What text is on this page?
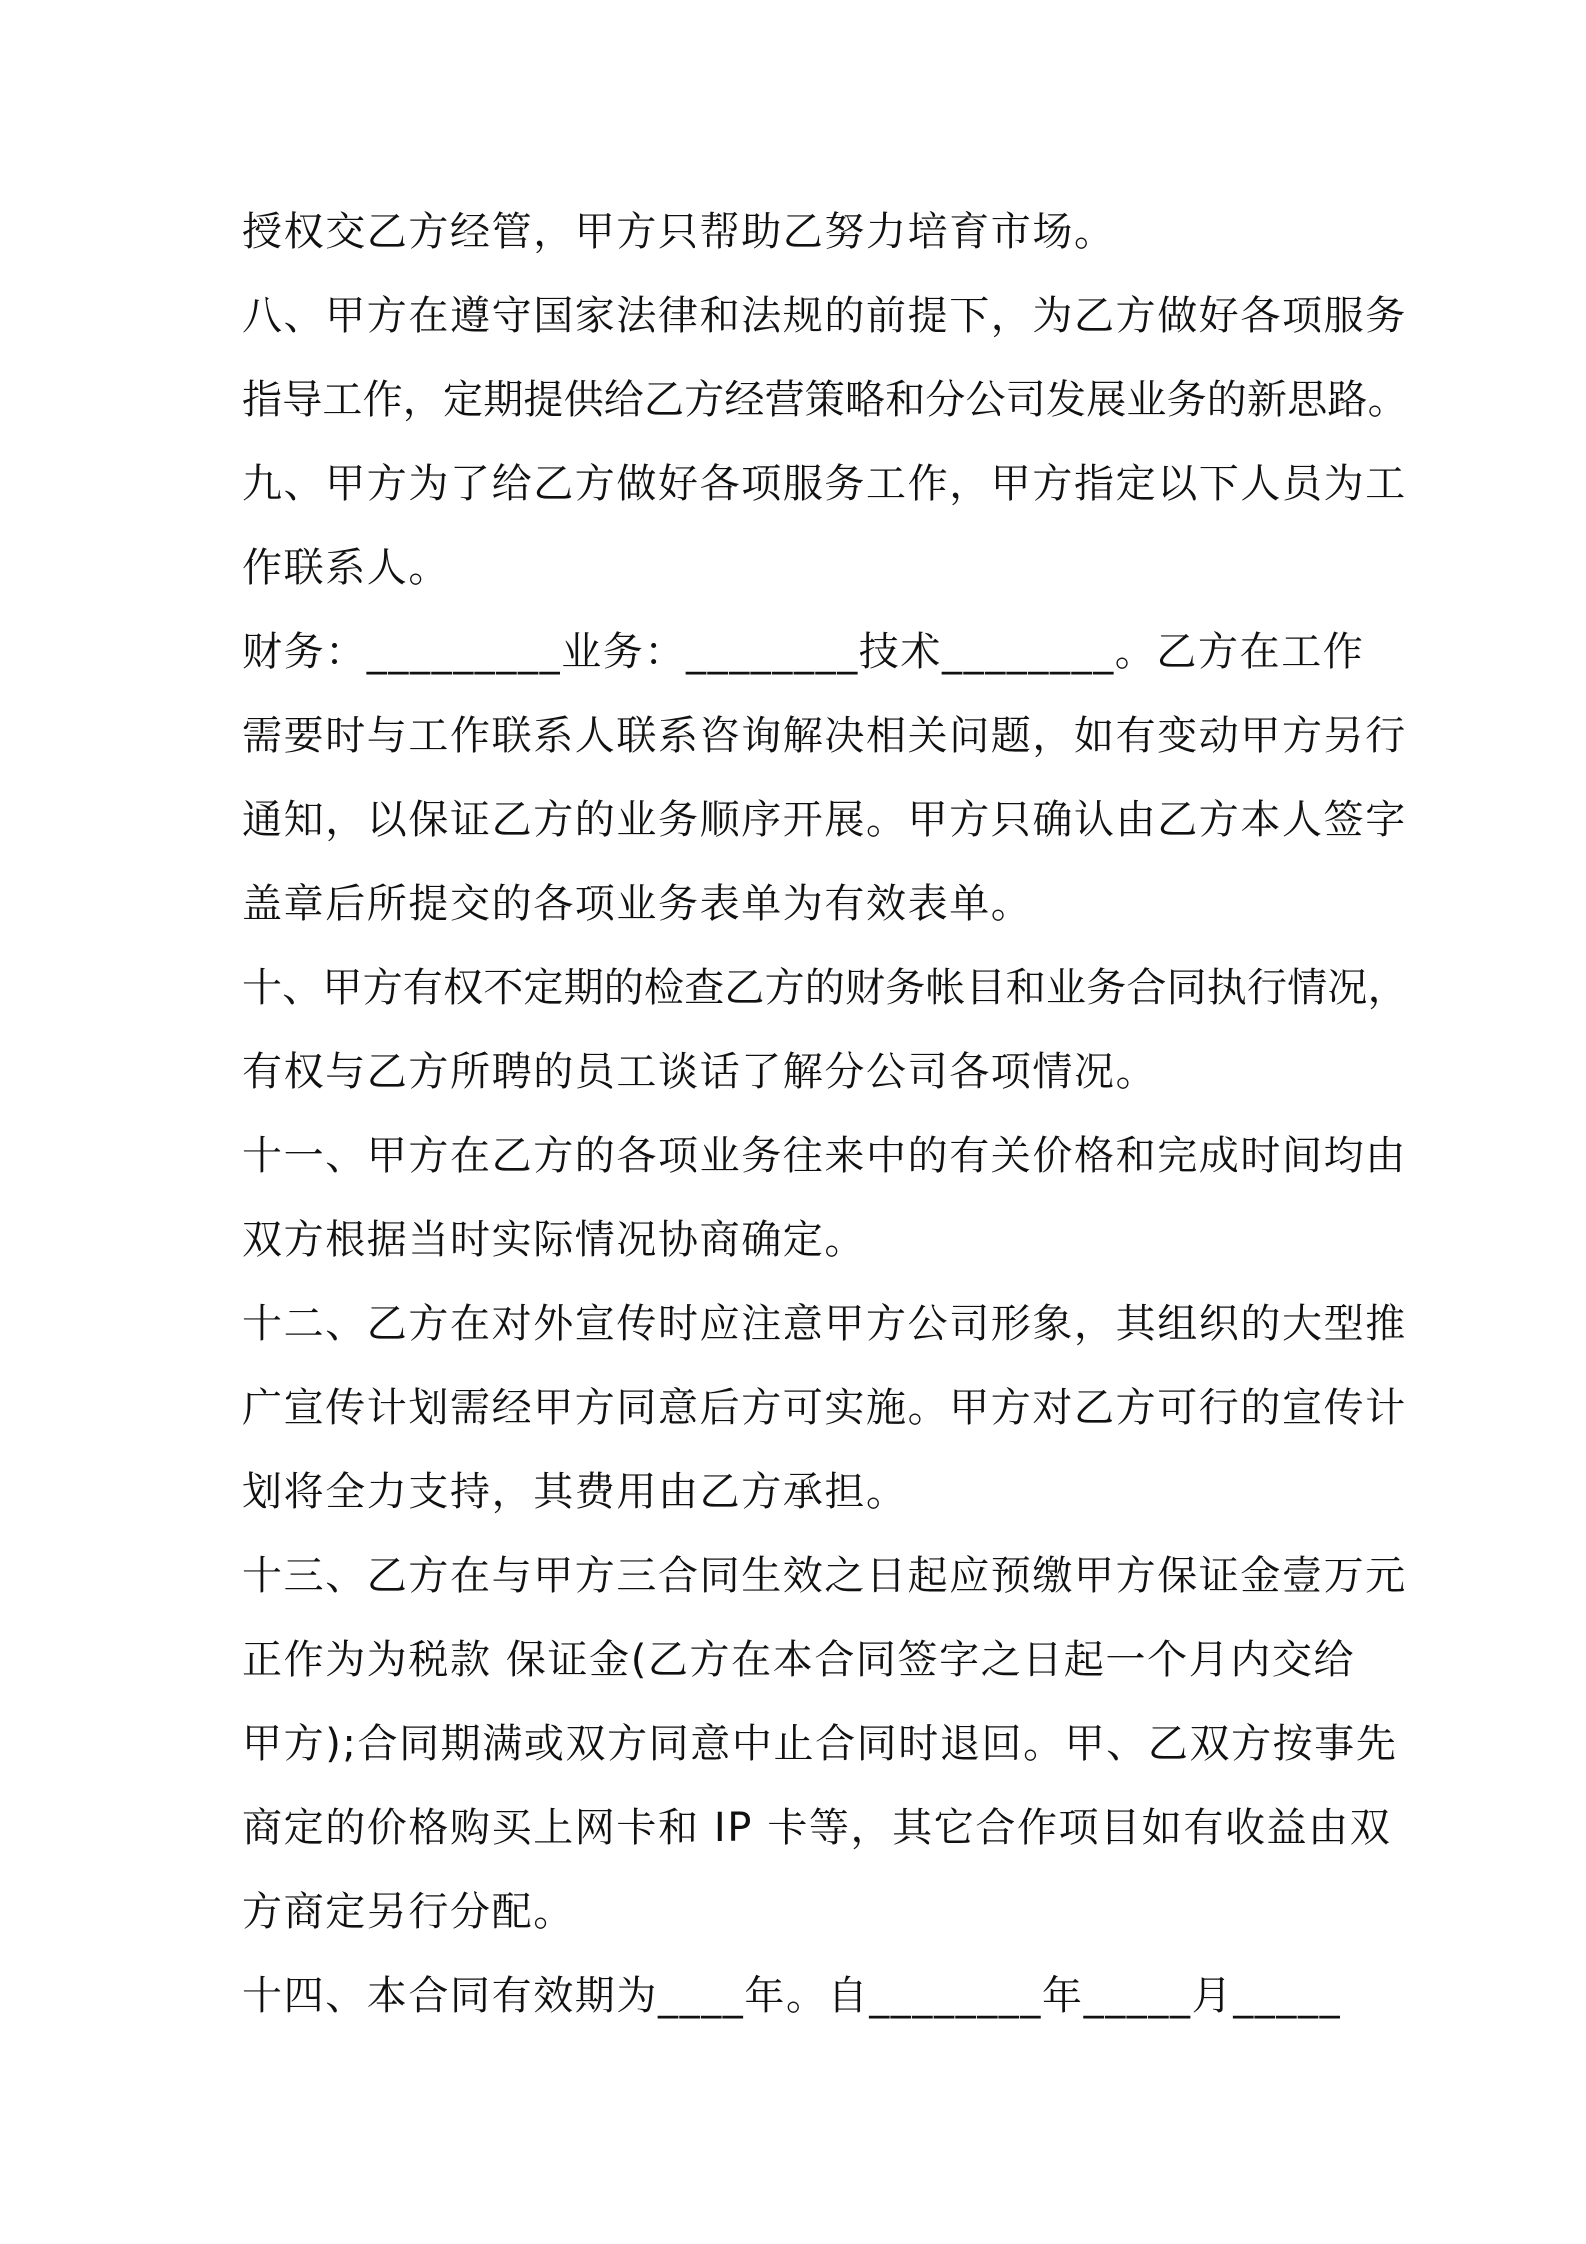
授权交乙方经管，甲方只帮助乙努力培育市场。
八、甲方在遵守国家法律和法规的前提下，为乙方做好各项服务
指导工作，定期提供给乙方经营策略和分公司发展业务的新思路。
九、甲方为了给乙方做好各项服务工作，甲方指定以下人员为工
作联系人。
财务：_________业务：________技术________。乙方在工作
需要时与工作联系人联系咨询解决相关问题，如有变动甲方另行
通知，以保证乙方的业务顺序开展。甲方只确认由乙方本人签字
盖章后所提交的各项业务表单为有效表单。
十、甲方有权不定期的检查乙方的财务帐目和业务合同执行情况，
有权与乙方所聘的员工谈话了解分公司各项情况。
十一、甲方在乙方的各项业务往来中的有关价格和完成时间均由
双方根据当时实际情况协商确定。
十二、乙方在对外宣传时应注意甲方公司形象，其组织的大型推
广宣传计划需经甲方同意后方可实施。甲方对乙方可行的宣传计
划将全力支持，其费用由乙方承担。
十三、乙方在与甲方三合同生效之日起应预缴甲方保证金壹万元
正作为为税款 保证金(乙方在本合同签字之日起一个月内交给
甲方);合同期满或双方同意中止合同时退回。甲、乙双方按事先
商定的价格购买上网卡和 IP 卡等，其它合作项目如有收益由双
方商定另行分配。
十四、本合同有效期为____年。自________年_____月_____
